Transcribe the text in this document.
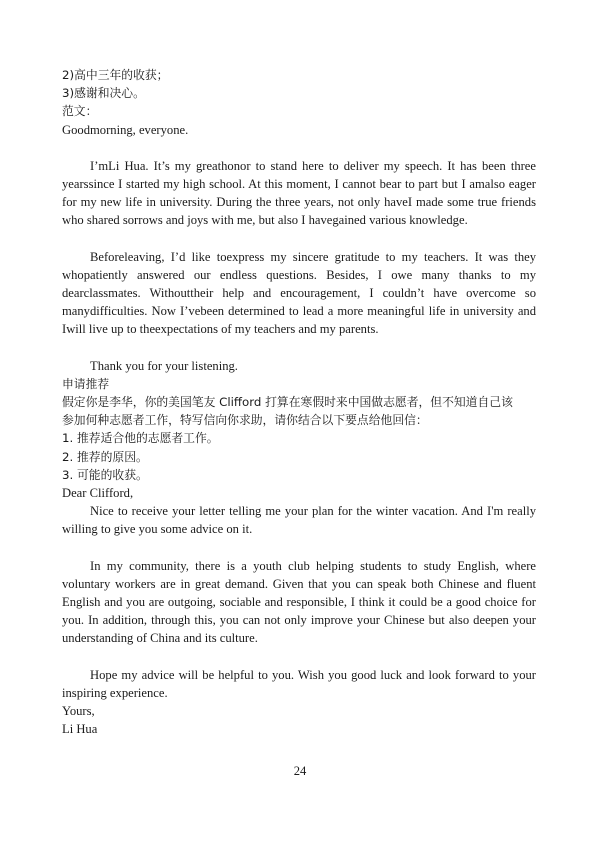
2)高中三年的收获；
3)感谢和决心。
范文：
Goodmorning, everyone.

I’mLi Hua. It’s my greathonor to stand here to deliver my speech. It has been three yearssince I started my high school. At this moment, I cannot bear to part but I amalso eager for my new life in university. During the three years, not only haveI made some true friends who shared sorrows and joys with me, but also I havegained various knowledge.

Beforeleaving, I’d like toexpress my sincere gratitude to my teachers. It was they whopatiently answered our endless questions. Besides, I owe many thanks to my dearclassmates. Withouttheir help and encouragement, I couldn’t have overcome so manydifficulties. Now I’vebeen determined to lead a more meaningful life in university and Iwill live up to theexpectations of my teachers and my parents.

Thank you for your listening.
申请推荐
假定你是李华，你的美国笔友 Clifford 打算在寒假时来中国做志愿者，但不知道自己该
参加何种志愿者工作，特写信向你求助，请你结合以下要点给他回信：
1. 推荐适合他的志愿者工作。
2. 推荐的原因。
3. 可能的收获。
Dear Clifford,

Nice to receive your letter telling me your plan for the winter vacation. And I'm really willing to give you some advice on it.

In my community, there is a youth club helping students to study English, where voluntary workers are in great demand. Given that you can speak both Chinese and fluent English and you are outgoing, sociable and responsible, I think it could be a good choice for you. In addition, through this, you can not only improve your Chinese but also deepen your understanding of China and its culture.

Hope my advice will be helpful to you. Wish you good luck and look forward to your inspiring experience.

Yours,
Li Hua
24
